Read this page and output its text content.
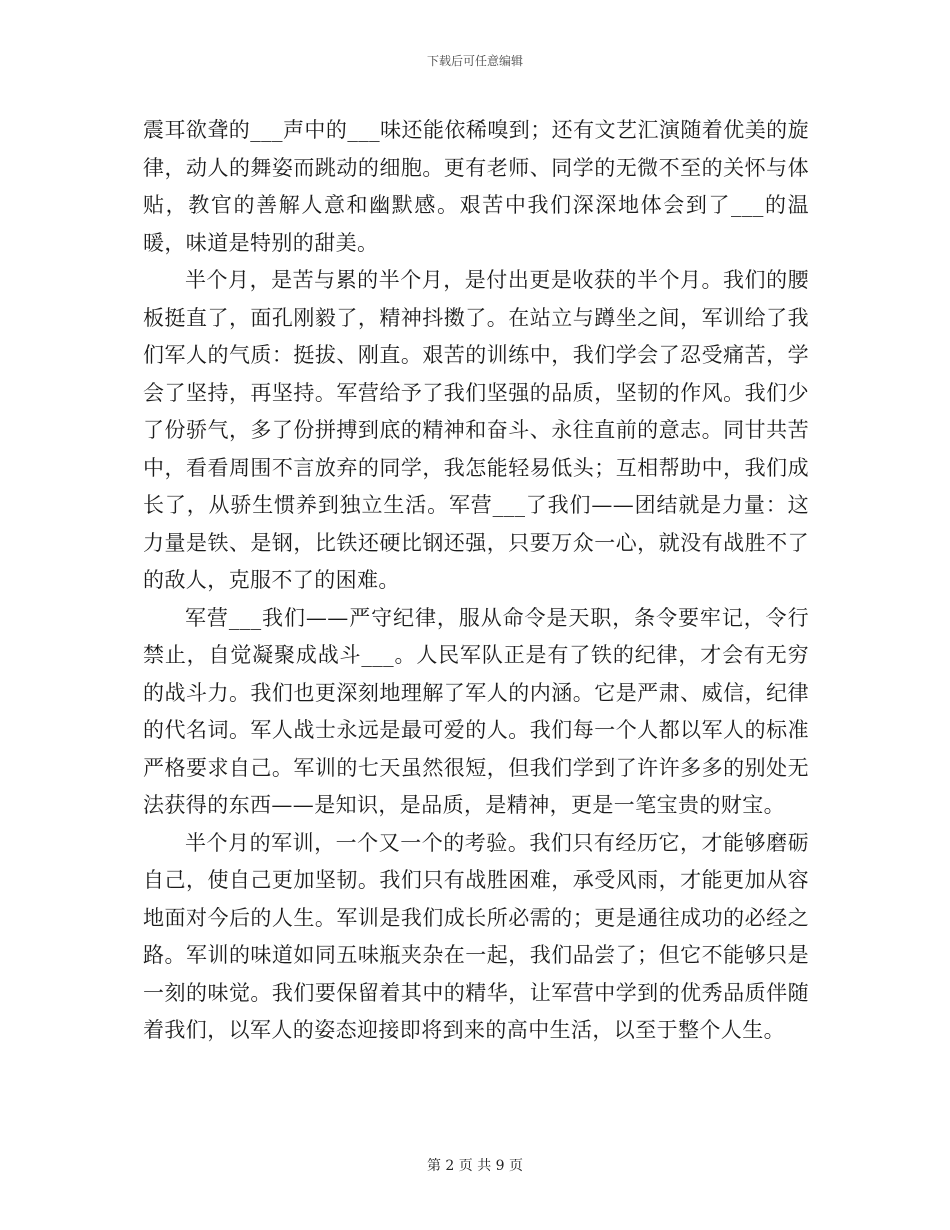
下载后可任意编辑

震耳欲聋的___声中的___味还能依稀嗅到；还有文艺汇演随着优美的旋律，动人的舞姿而跳动的细胞。更有老师、同学的无微不至的关怀与体贴，教官的善解人意和幽默感。艰苦中我们深深地体会到了___的温暖，味道是特别的甜美。

半个月，是苦与累的半个月，是付出更是收获的半个月。我们的腰板挺直了，面孔刚毅了，精神抖擞了。在站立与蹲坐之间，军训给了我们军人的气质：挺拔、刚直。艰苦的训练中，我们学会了忍受痛苦，学会了坚持，再坚持。军营给予了我们坚强的品质，坚韧的作风。我们少了份骄气，多了份拼搏到底的精神和奋斗、永往直前的意志。同甘共苦中，看看周围不言放弃的同学，我怎能轻易低头；互相帮助中，我们成长了，从骄生惯养到独立生活。军营___了我们——团结就是力量：这力量是铁、是钢，比铁还硬比钢还强，只要万众一心，就没有战胜不了的敌人，克服不了的困难。

军营___我们——严守纪律，服从命令是天职，条令要牢记，令行禁止，自觉凝聚成战斗___。人民军队正是有了铁的纪律，才会有无穷的战斗力。我们也更深刻地理解了军人的内涵。它是严肃、威信，纪律的代名词。军人战士永远是最可爱的人。我们每一个人都以军人的标准严格要求自己。军训的七天虽然很短，但我们学到了许许多多的别处无法获得的东西——是知识，是品质，是精神，更是一笔宝贵的财宝。

半个月的军训，一个又一个的考验。我们只有经历它，才能够磨砺自己，使自己更加坚韧。我们只有战胜困难，承受风雨，才能更加从容地面对今后的人生。军训是我们成长所必需的；更是通往成功的必经之路。军训的味道如同五味瓶夹杂在一起，我们品尝了；但它不能够只是一刻的味觉。我们要保留着其中的精华，让军营中学到的优秀品质伴随着我们，以军人的姿态迎接即将到来的高中生活，以至于整个人生。

第 2 页 共 9 页
